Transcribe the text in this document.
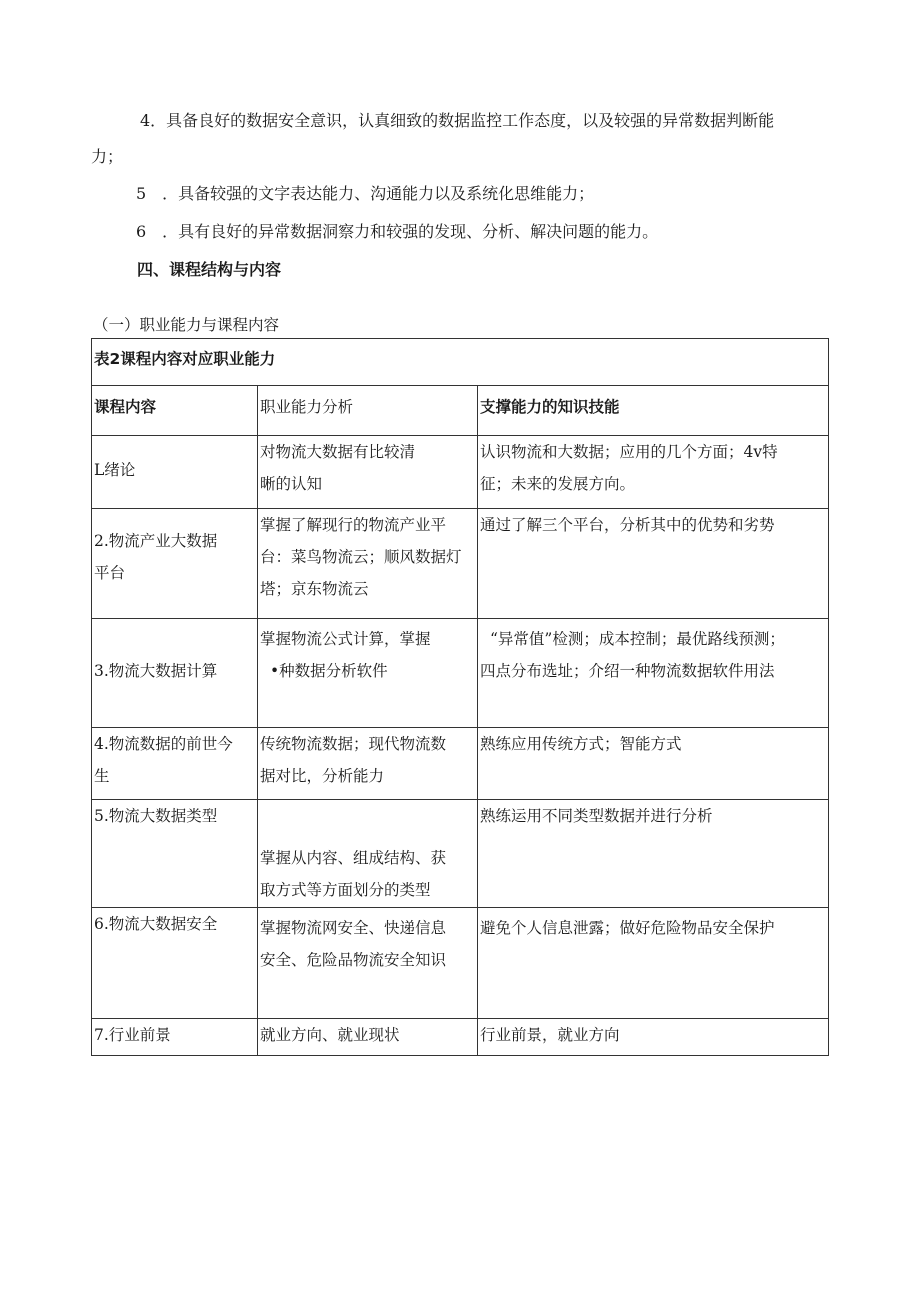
4．具备良好的数据安全意识，认真细致的数据监控工作态度，以及较强的异常数据判断能
力；
5　．具备较强的文字表达能力、沟通能力以及系统化思维能力；
6　．具有良好的异常数据洞察力和较强的发现、分析、解决问题的能力。
四、课程结构与内容
（一）职业能力与课程内容
表2课程内容对应职业能力		
课程内容	职业能力分析	支撑能力的知识技能

L绪论	对物流大数据有比较清
晰的认知	认识物流和大数据；应用的几个方面；4v特
征；未来的发展方向。

2.物流产业大数据
平台	掌握了解现行的物流产业平
台：菜鸟物流云；顺风数据灯
塔；京东物流云	通过了解三个平台，分析其中的优势和劣势

3.物流大数据计算	掌握物流公式计算，掌握
•种数据分析软件	“异常值”检测；成本控制；最优路线预测；
四点分布选址；介绍一种物流数据软件用法

4.物流数据的前世今
生	传统物流数据；现代物流数
据对比，分析能力	熟练应用传统方式；智能方式

5.物流大数据类型	掌握从内容、组成结构、获
取方式等方面划分的类型	熟练运用不同类型数据并进行分析

6.物流大数据安全	掌握物流网安全、快递信息
安全、危险品物流安全知识	避免个人信息泄露；做好危险物品安全保护

7.行业前景	就业方向、就业现状	行业前景，就业方向
